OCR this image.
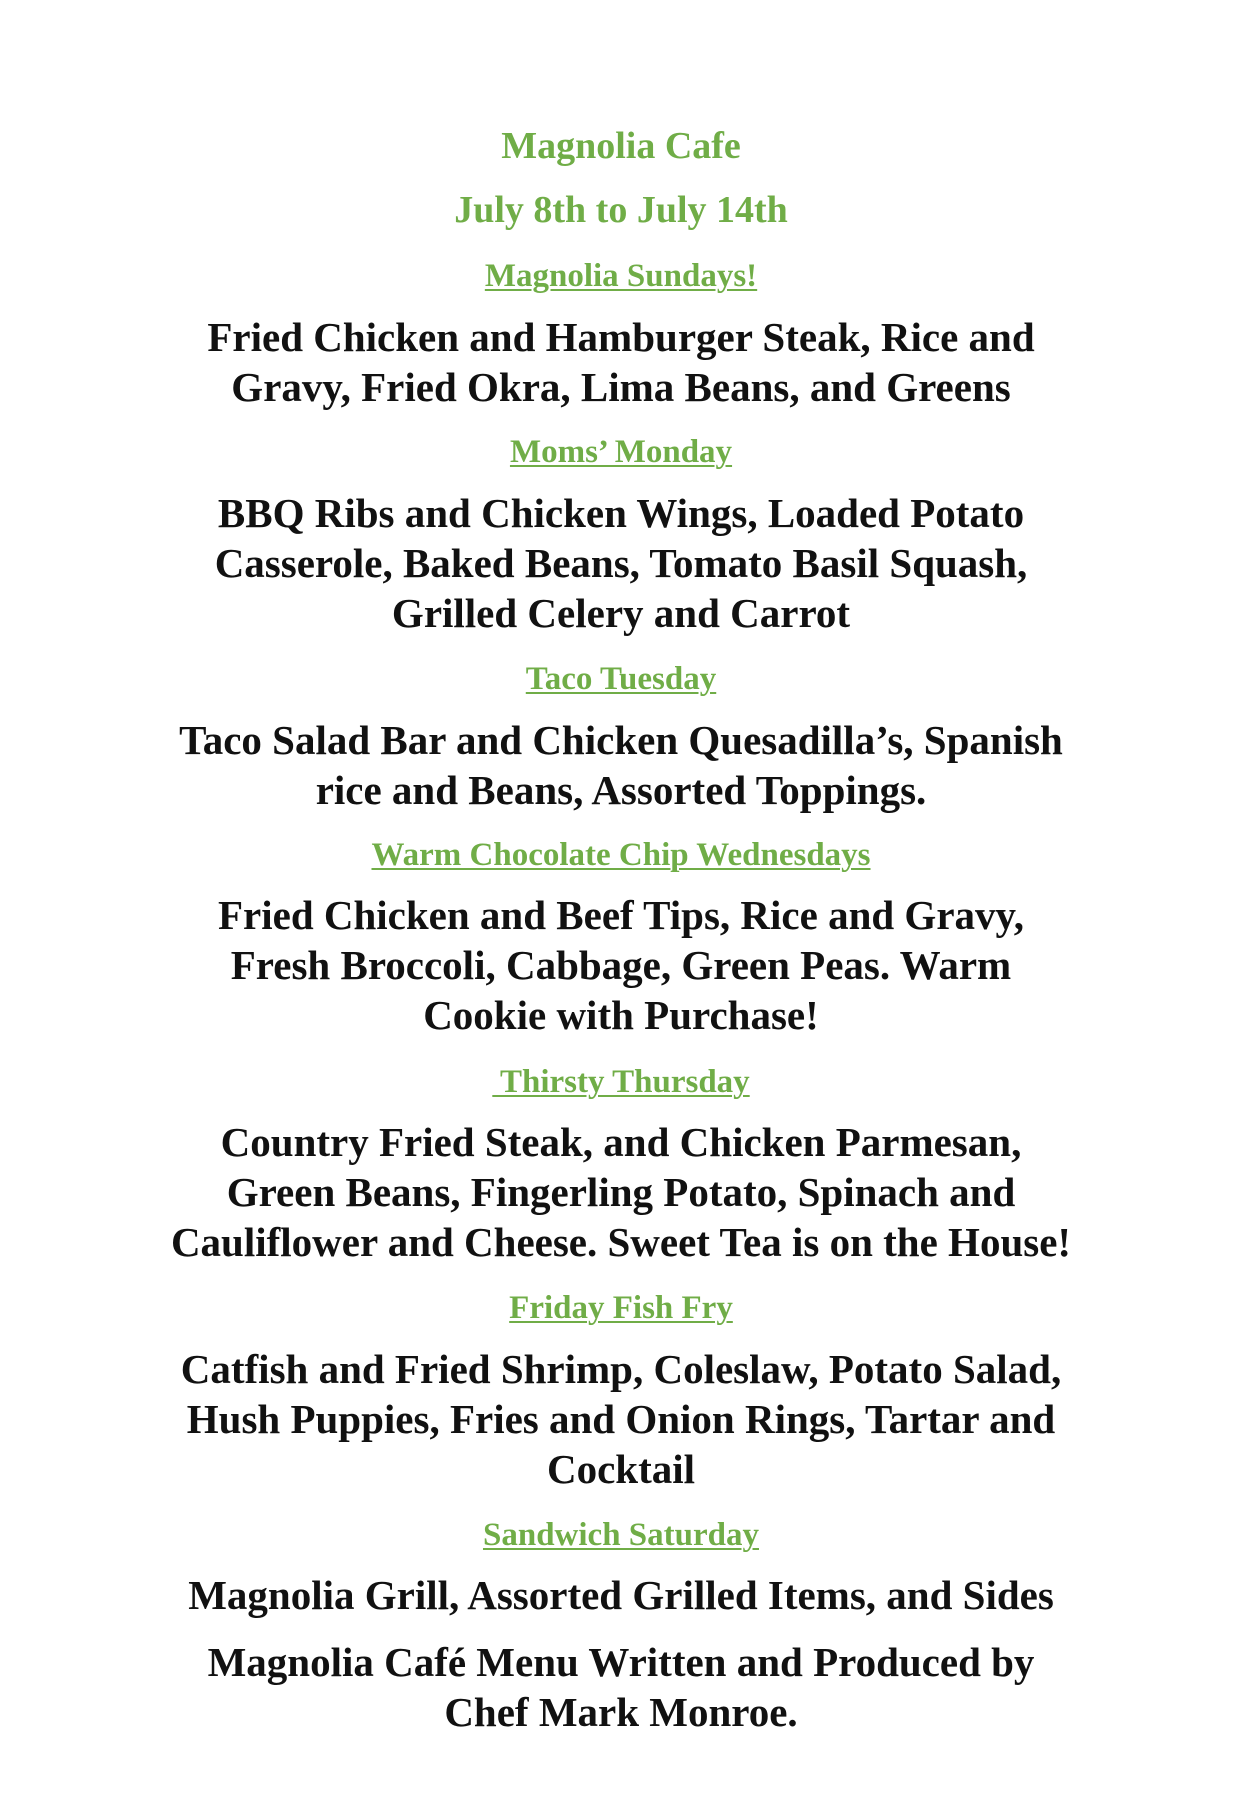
Magnolia Cafe
July 8th to July 14th
Magnolia Sundays!
Fried Chicken and Hamburger Steak, Rice and
Gravy, Fried Okra, Lima Beans, and Greens
Moms’ Monday
BBQ Ribs and Chicken Wings, Loaded Potato
Casserole, Baked Beans, Tomato Basil Squash,
Grilled Celery and Carrot
Taco Tuesday
Taco Salad Bar and Chicken Quesadilla’s, Spanish
rice and Beans, Assorted Toppings.
Warm Chocolate Chip Wednesdays
Fried Chicken and Beef Tips, Rice and Gravy,
Fresh Broccoli, Cabbage, Green Peas. Warm
Cookie with Purchase!
Thirsty Thursday
Country Fried Steak, and Chicken Parmesan,
Green Beans, Fingerling Potato, Spinach and
Cauliflower and Cheese. Sweet Tea is on the House!
Friday Fish Fry
Catfish and Fried Shrimp, Coleslaw, Potato Salad,
Hush Puppies, Fries and Onion Rings, Tartar and
Cocktail
Sandwich Saturday
Magnolia Grill, Assorted Grilled Items, and Sides
Magnolia Café Menu Written and Produced by
Chef Mark Monroe.
